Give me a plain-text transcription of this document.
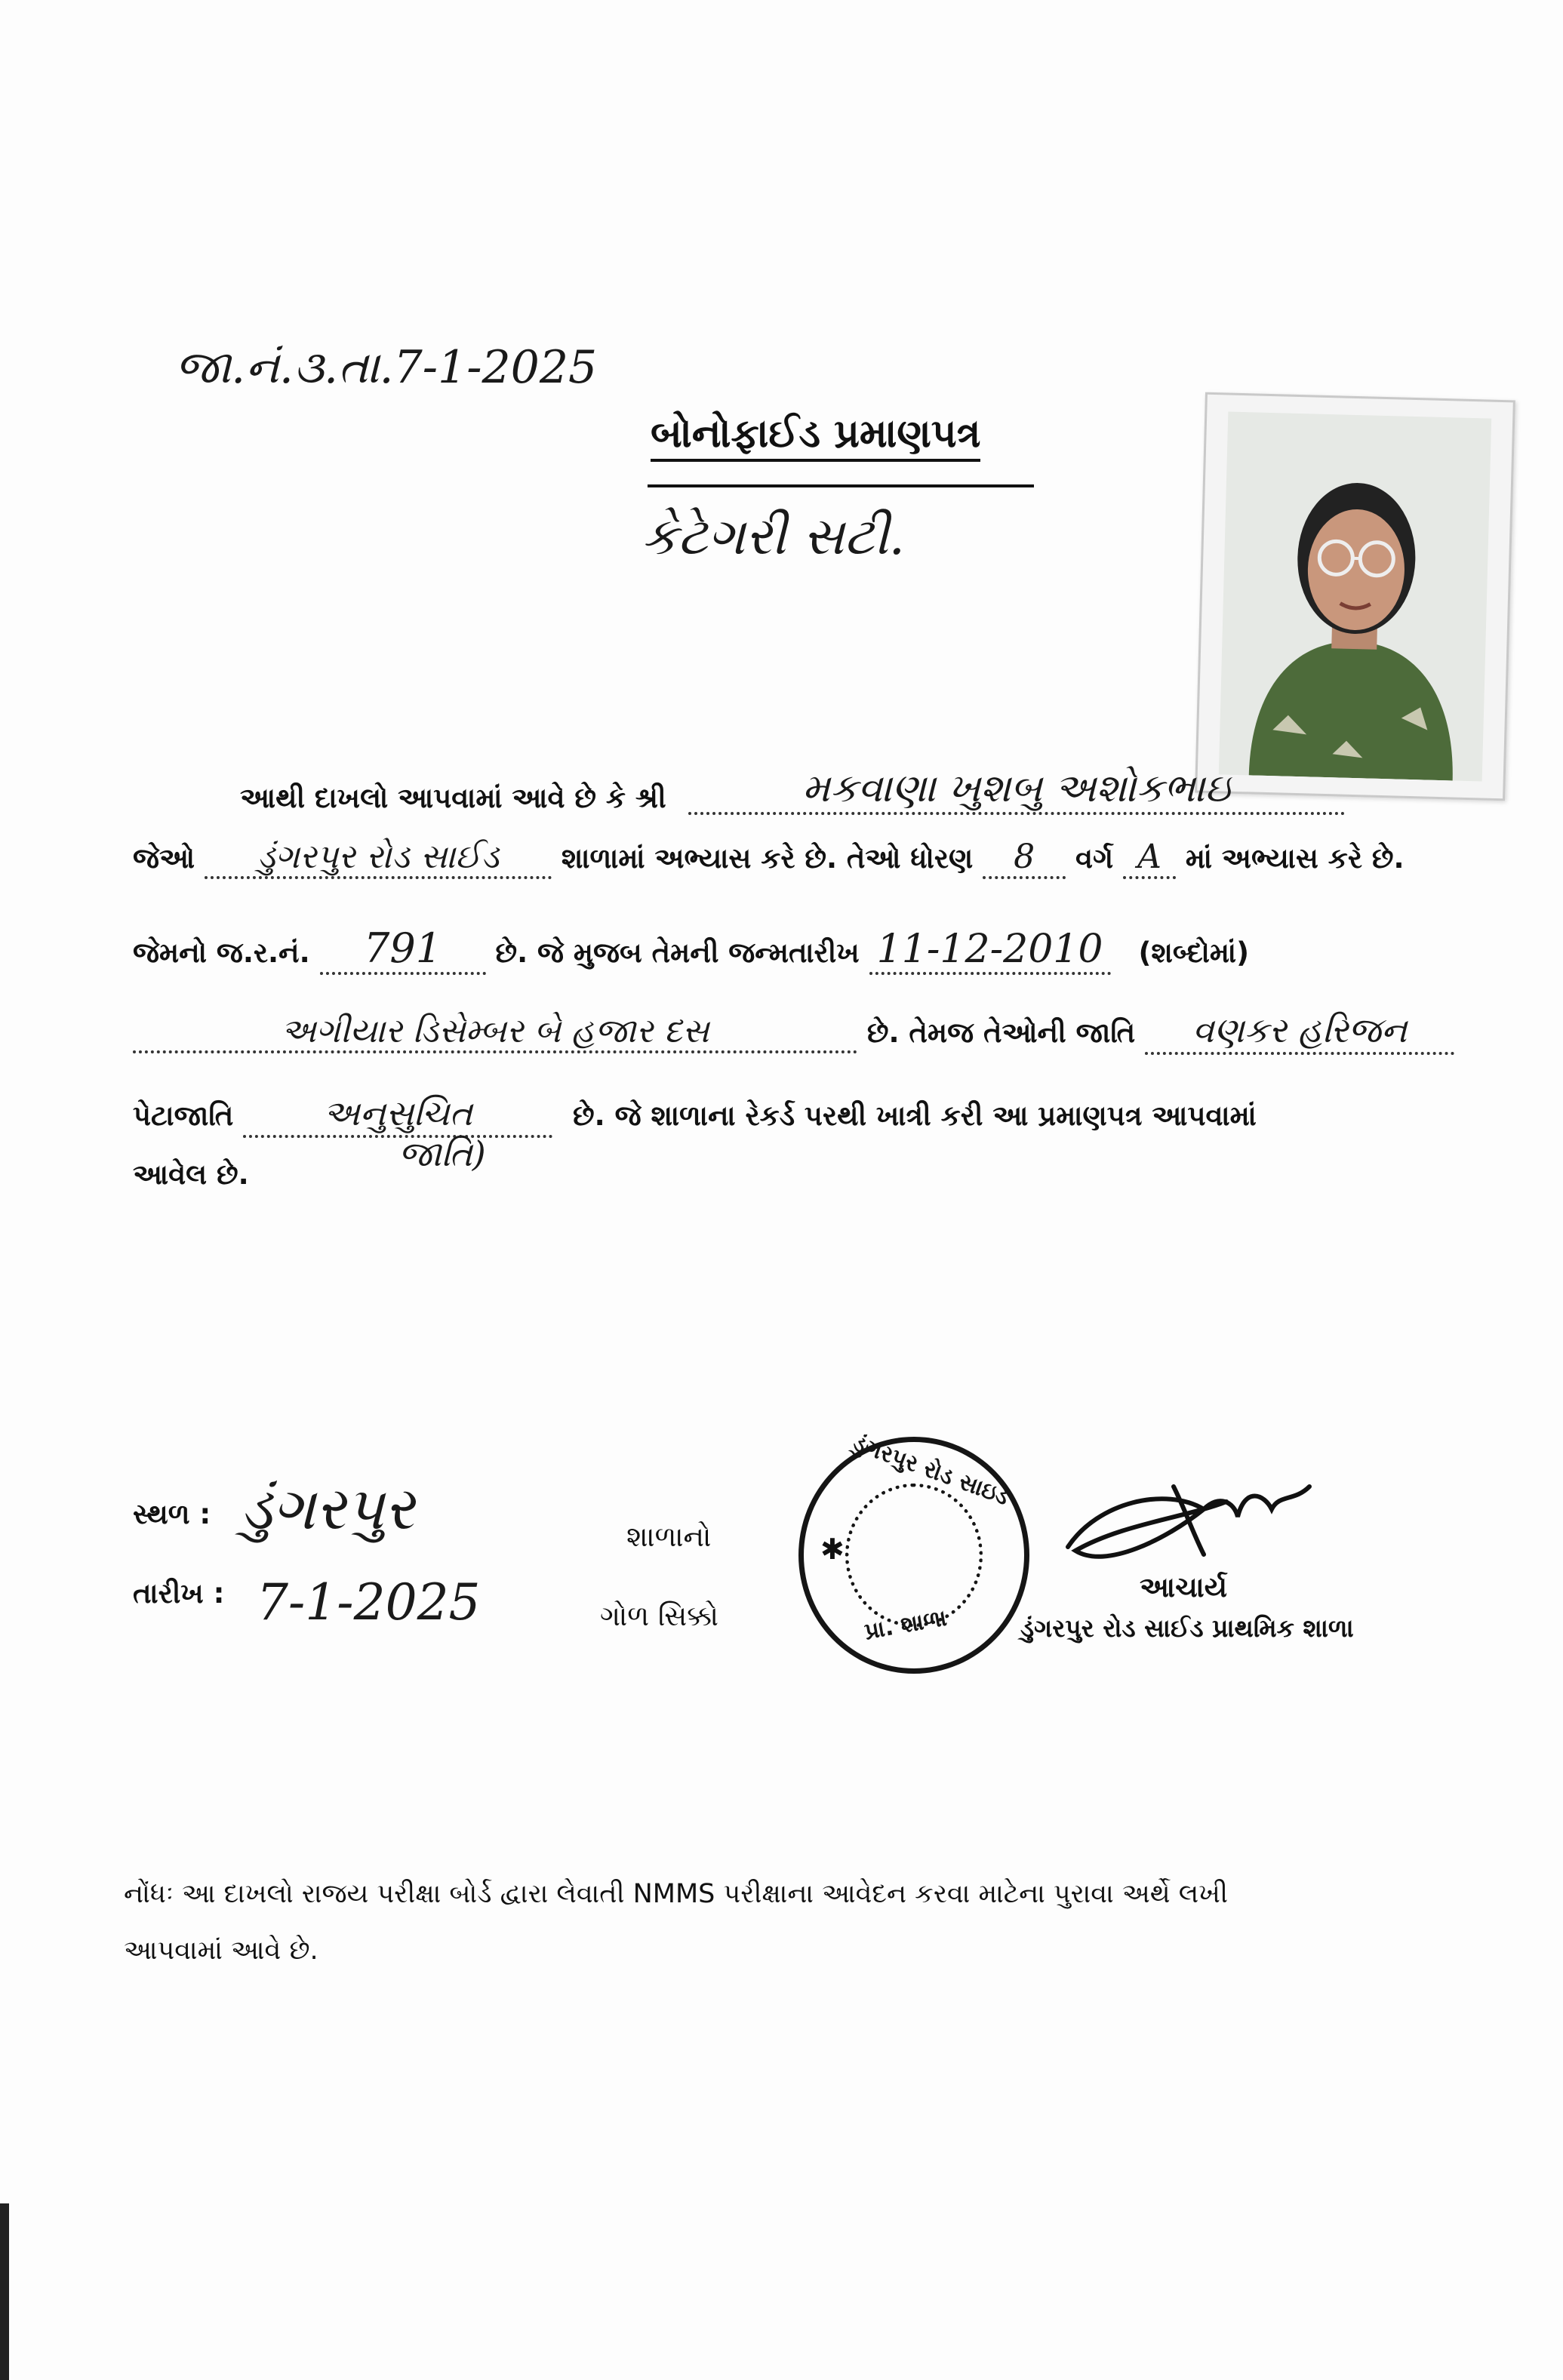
જા.નં.૩.તા.7-1-2025
બોનોફાઈડ પ્રમાણપત્ર
કેટેગરી સટી.
આથી દાખલો આપવામાં આવે છે કે શ્રી	મકવાણા ખુશબુ અશોકભાઇ
જેઓ ડુંગરપુર રોડ સાઈડ શાળામાં અભ્યાસ કરે છે. તેઓ ધોરણ 8 વર્ગ A માં અભ્યાસ કરે છે.
જેમનો જ.ર.નં. 791 છે. જે મુજબ તેમની જન્મતારીખ 11-12-2010 (શબ્દોમાં)
અગીયાર ડિસેમ્બર બે હજાર દસ	છે. તેમજ તેઓની જાતિ વણકર હરિજન
પેટાજાતિ	અનુસુચિત	છે. જે શાળાના રેકર્ડ પરથી ખાત્રી કરી આ પ્રમાણપત્ર આપવામાં
જાતિ)
આવેલ છે.
સ્થળ : ડુંગરપુર
તારીખ : 7-1-2025
શાળાનો
ગોળ સિક્કો
✱
ડુંગરપુર રોડ સાઇડ
પ્રા. શાળા
આચાર્ય
ડુંગરપુર રોડ સાઈડ પ્રાથમિક શાળા
નોંધઃ આ દાખલો રાજય પરીક્ષા બોર્ડ દ્વારા લેવાતી NMMS પરીક્ષાના આવેદન કરવા માટેના પુરાવા અર્થે લખી
આપવામાં આવે છે.
